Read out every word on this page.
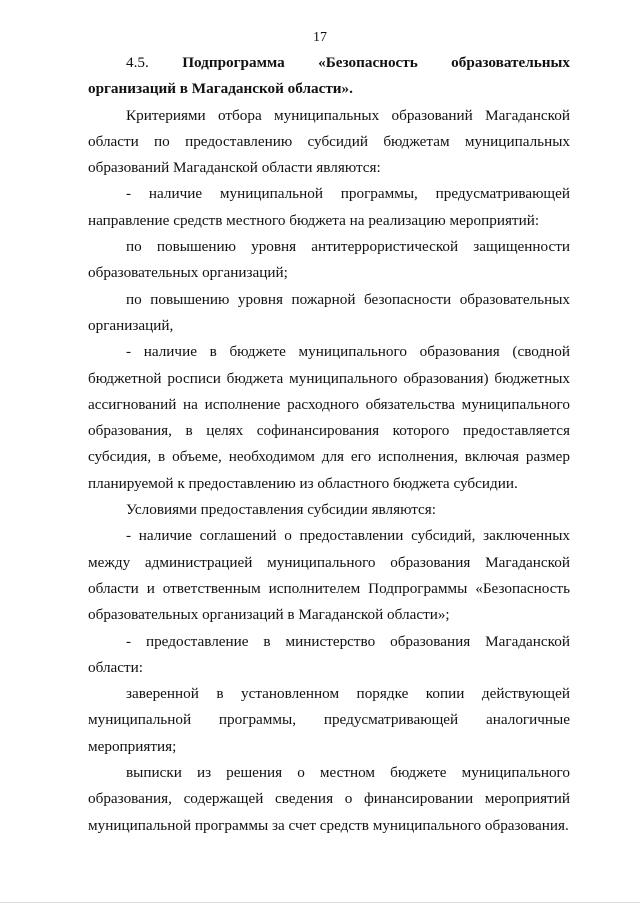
17

4.5. Подпрограмма «Безопасность образовательных организаций в Магаданской области».

Критериями отбора муниципальных образований Магаданской области по предоставлению субсидий бюджетам муниципальных образований Магаданской области являются:

- наличие муниципальной программы, предусматривающей направление средств местного бюджета на реализацию мероприятий:

по повышению уровня антитеррористической защищенности образовательных организаций;

по повышению уровня пожарной безопасности образовательных организаций,

- наличие в бюджете муниципального образования (сводной бюджетной росписи бюджета муниципального образования) бюджетных ассигнований на исполнение расходного обязательства муниципального образования, в целях софинансирования которого предоставляется субсидия, в объеме, необходимом для его исполнения, включая размер планируемой к предоставлению из областного бюджета субсидии.

Условиями предоставления субсидии являются:

- наличие соглашений о предоставлении субсидий, заключенных между администрацией муниципального образования Магаданской области и ответственным исполнителем Подпрограммы «Безопасность образовательных организаций в Магаданской области»;

- предоставление в министерство образования Магаданской области:

заверенной в установленном порядке копии действующей муниципальной программы, предусматривающей аналогичные мероприятия;

выписки из решения о местном бюджете муниципального образования, содержащей сведения о финансировании мероприятий муниципальной программы за счет средств муниципального образования.
